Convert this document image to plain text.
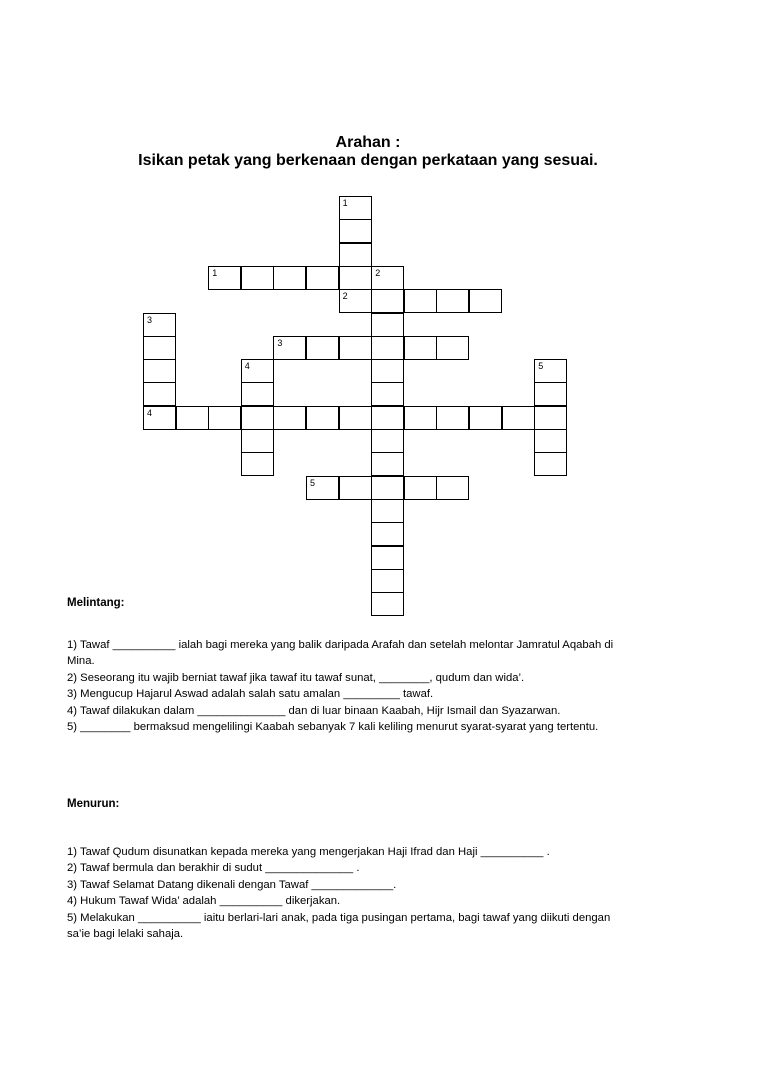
Arahan :
Isikan petak yang berkenaan dengan perkataan yang sesuai.
1
2
1	2
3
4
3
4	5
5
Melintang:

1) Tawaf __________ ialah bagi mereka yang balik daripada Arafah dan setelah melontar Jamratul Aqabah di Mina.

2) Seseorang itu wajib berniat tawaf jika tawaf itu tawaf sunat, ________, qudum dan wida’.

3) Mengucup Hajarul Aswad adalah salah satu amalan _________ tawaf.

4) Tawaf dilakukan dalam ______________ dan di luar binaan Kaabah, Hijr Ismail dan Syazarwan.

5) ________ bermaksud mengelilingi Kaabah sebanyak 7 kali keliling menurut syarat-syarat yang tertentu.

Menurun:

1) Tawaf Qudum disunatkan kepada mereka yang mengerjakan Haji Ifrad dan Haji __________ .

2) Tawaf bermula dan berakhir di sudut ______________ .

3) Tawaf Selamat Datang dikenali dengan Tawaf _____________.

4) Hukum Tawaf Wida’ adalah __________ dikerjakan.

5) Melakukan __________ iaitu berlari-lari anak, pada tiga pusingan pertama, bagi tawaf yang diikuti dengan sa’ie bagi lelaki sahaja.
